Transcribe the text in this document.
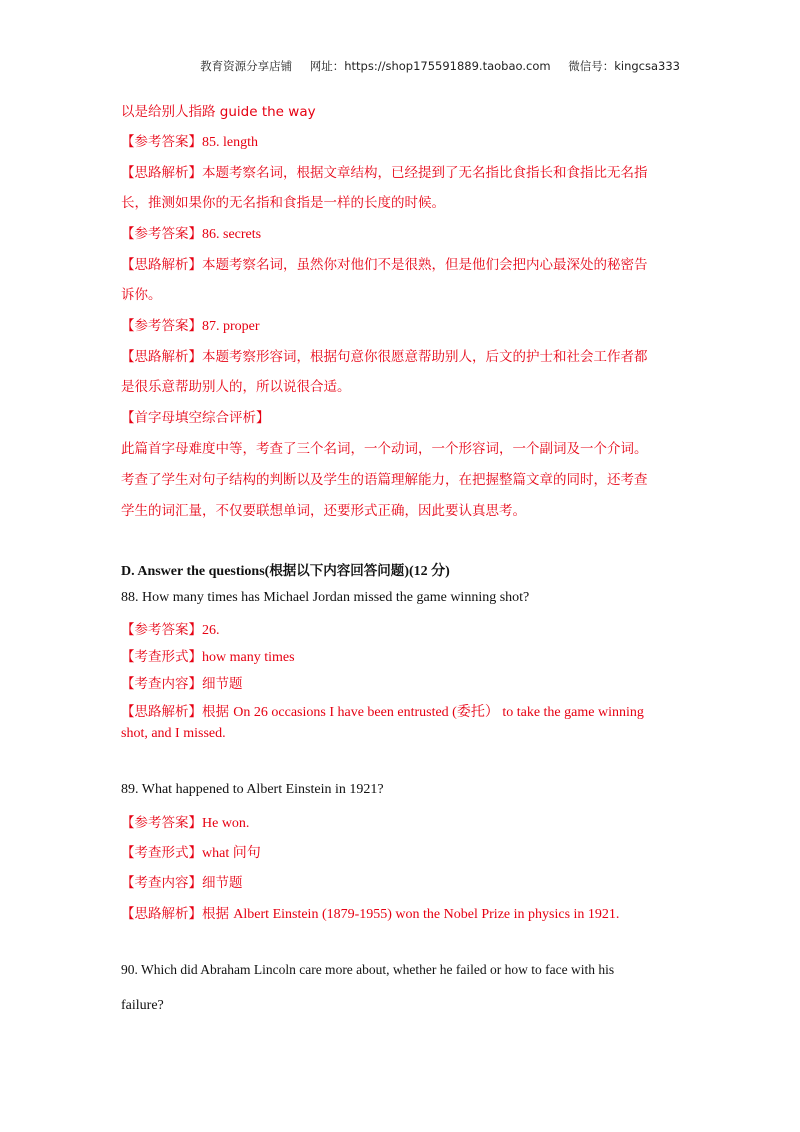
教育资源分享店铺 网址：https://shop175591889.taobao.com 微信号：kingcsa333
以是给别人指路 guide the way
【参考答案】85. length
【思路解析】本题考察名词，根据文章结构，已经提到了无名指比食指长和食指比无名指
长，推测如果你的无名指和食指是一样的长度的时候。
【参考答案】86. secrets
【思路解析】本题考察名词，虽然你对他们不是很熟，但是他们会把内心最深处的秘密告
诉你。
【参考答案】87. proper
【思路解析】本题考察形容词，根据句意你很愿意帮助别人，后文的护士和社会工作者都
是很乐意帮助别人的，所以说很合适。
【首字母填空综合评析】
此篇首字母难度中等，考查了三个名词，一个动词，一个形容词，一个副词及一个介词。
考查了学生对句子结构的判断以及学生的语篇理解能力，在把握整篇文章的同时，还考查
学生的词汇量，不仅要联想单词，还要形式正确，因此要认真思考。
D. Answer the questions(根据以下内容回答问题)(12 分)
88. How many times has Michael Jordan missed the game winning shot?
【参考答案】26.
【考查形式】how many times
【考查内容】细节题
【思路解析】根据 On 26 occasions I have been entrusted (委托） to take the game winning
shot, and I missed.
89. What happened to Albert Einstein in 1921?
【参考答案】He won.
【考查形式】what 问句
【考查内容】细节题
【思路解析】根据 Albert Einstein (1879-1955) won the Nobel Prize in physics in 1921.
90. Which did Abraham Lincoln care more about, whether he failed or how to face with his
failure?
